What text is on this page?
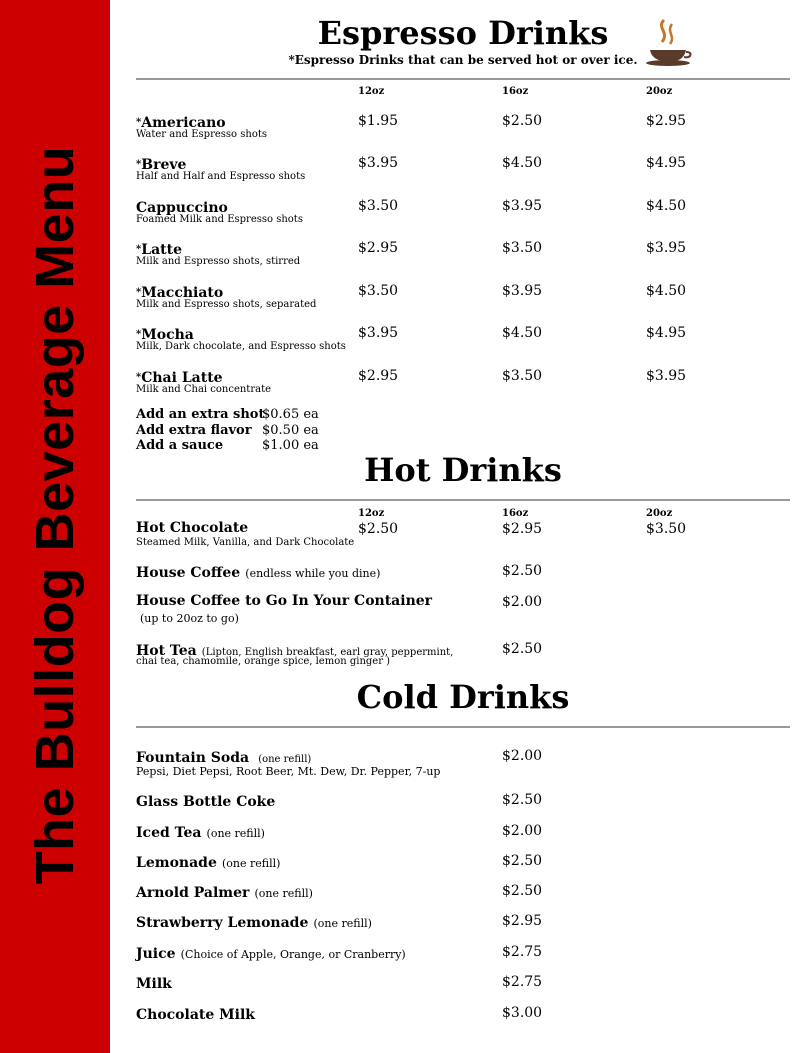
The Bulldog Beverage Menu
Espresso Drinks
*Espresso Drinks that can be served hot or over ice.
12oz	16oz	20oz
*Americano
Water and Espresso shots
$1.95	$2.50	$2.95
*Breve
Half and Half and Espresso shots
$3.95	$4.50	$4.95
Cappuccino
Foamed Milk and Espresso shots
$3.50	$3.95	$4.50
*Latte
Milk and Espresso shots, stirred
$2.95	$3.50	$3.95
*Macchiato
Milk and Espresso shots, separated
$3.50	$3.95	$4.50
*Mocha
Milk, Dark chocolate, and Espresso shots
$3.95	$4.50	$4.95
*Chai Latte
Milk and Chai concentrate
$2.95	$3.50	$3.95
Add an extra shot
$0.65 ea
Add extra flavor $0.50 ea
Add a sauce	$1.00 ea
Hot Drinks
12oz	16oz	20oz
Hot Chocolate
Steamed Milk, Vanilla, and Dark Chocolate
$2.50	$2.95	$3.50
House Coffee (endless while you dine)	$2.50
House Coffee to Go In Your Container
(up to 20oz to go)
$2.00
Hot Tea (Lipton, English breakfast, earl gray, peppermint,
chai tea, chamomile, orange spice, lemon ginger )
$2.50
Cold Drinks
Fountain Soda (one refill)
Pepsi, Diet Pepsi, Root Beer, Mt. Dew, Dr. Pepper, 7-up
$2.00
Glass Bottle Coke	$2.50
Iced Tea (one refill)	$2.00
Lemonade (one refill)	$2.50
Arnold Palmer (one refill)	$2.50
Strawberry Lemonade (one refill)	$2.95
Juice (Choice of Apple, Orange, or Cranberry)	$2.75
Milk	$2.75
Chocolate Milk	$3.00
